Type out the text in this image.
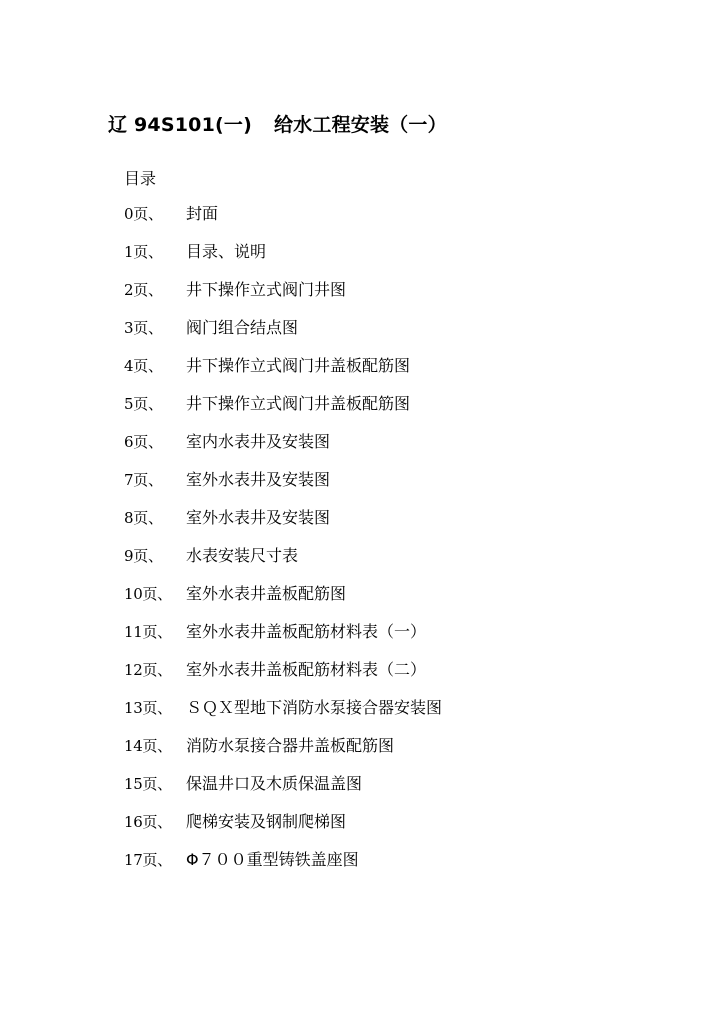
辽 94S101(一) 给水工程安装（一）
目录
0页、	封面
1页、	目录、说明
2页、	井下操作立式阀门井图
3页、	阀门组合结点图
4页、	井下操作立式阀门井盖板配筋图
5页、	井下操作立式阀门井盖板配筋图
6页、	室内水表井及安装图
7页、	室外水表井及安装图
8页、	室外水表井及安装图
9页、	水表安装尺寸表
10页、 室外水表井盖板配筋图
11页、 室外水表井盖板配筋材料表（一）
12页、 室外水表井盖板配筋材料表（二）
13页、 ＳＱＸ型地下消防水泵接合器安装图
14页、 消防水泵接合器井盖板配筋图
15页、 保温井口及木质保温盖图
16页、 爬梯安装及钢制爬梯图
17页、 Φ７００重型铸铁盖座图
